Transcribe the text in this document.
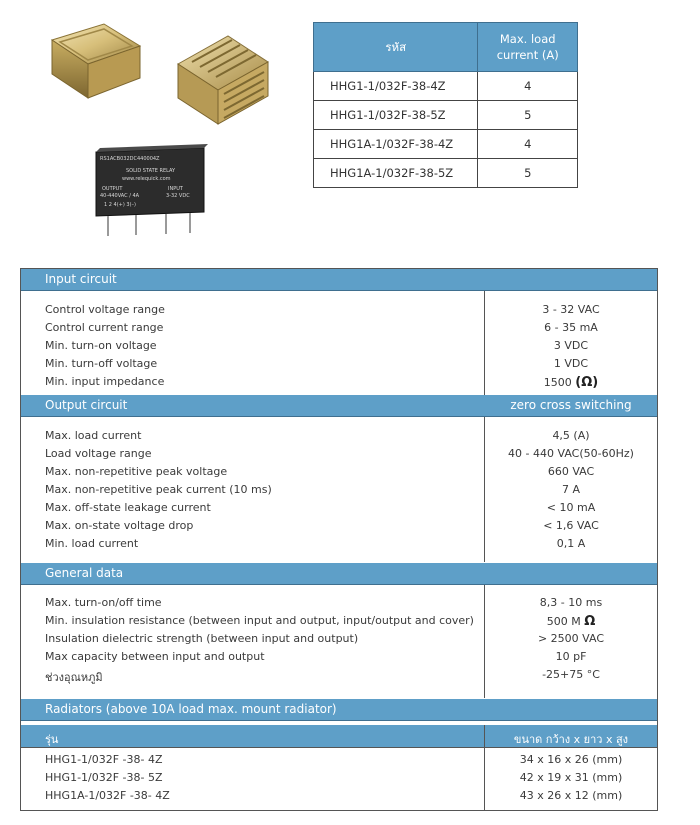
RS1ACB032DC440004Z
SOLID STATE RELAY
www.relequick.com
OUTPUT
40-440VAC / 4A
INPUT
3-32 VDC
1 2 4(+) 3(–)
รหัส	Max. load current (A)
HHG1-1/032F-38-4Z	4
HHG1-1/032F-38-5Z	5
HHG1A-1/032F-38-4Z	4
HHG1A-1/032F-38-5Z	5
Input circuit
Control voltage range	3 - 32 VAC
Control current range	6 - 35 mA
Min. turn-on voltage	3 VDC
Min. turn-off voltage	1 VDC
Min. input impedance	1500 (Ω)
Output circuit	zero cross switching
Max. load current	4,5 (A)
Load voltage range	40 - 440 VAC(50-60Hz)
Max. non-repetitive peak voltage	660 VAC
Max. non-repetitive peak current (10 ms)	7 A
Max. off-state leakage current	< 10 mA
Max. on-state voltage drop	< 1,6 VAC
Min. load current	0,1 A
General data
Max. turn-on/off time	8,3 - 10 ms
Min. insulation resistance (between input and output, input/output and cover)	500 M Ω
Insulation dielectric strength (between input and output)	> 2500 VAC
Max capacity between input and output	10 pF
ช่วงอุณหภูมิ	-25+75 °C
Radiators (above 10A load max. mount radiator)
รุ่น	ขนาด กว้าง x ยาว x สูง
HHG1-1/032F -38- 4Z	34 x 16 x 26 (mm)
HHG1-1/032F -38- 5Z	42 x 19 x 31 (mm)
HHG1A-1/032F -38- 4Z	43 x 26 x 12 (mm)
